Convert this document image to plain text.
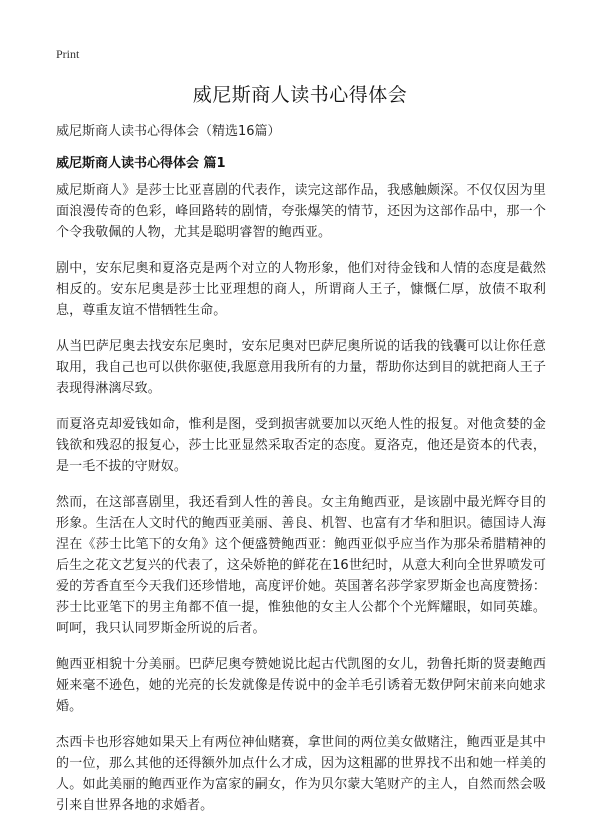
Print
威尼斯商人读书心得体会
威尼斯商人读书心得体会（精选16篇）
威尼斯商人读书心得体会 篇1

威尼斯商人》是莎士比亚喜剧的代表作，读完这部作品，我感触颇深。不仅仅因为里面浪漫传奇的色彩，峰回路转的剧情，夸张爆笑的情节，还因为这部作品中，那一个个令我敬佩的人物，尤其是聪明睿智的鲍西亚。

剧中，安东尼奥和夏洛克是两个对立的人物形象，他们对待金钱和人情的态度是截然相反的。安东尼奥是莎士比亚理想的商人，所谓商人王子，慷慨仁厚，放债不取利息，尊重友谊不惜牺牲生命。

从当巴萨尼奥去找安东尼奥时，安东尼奥对巴萨尼奥所说的话我的钱囊可以让你任意取用，我自己也可以供你驱使,我愿意用我所有的力量，帮助你达到目的就把商人王子表现得淋漓尽致。

而夏洛克却爱钱如命，惟利是图，受到损害就要加以灭绝人性的报复。对他贪婪的金钱欲和残忍的报复心，莎士比亚显然采取否定的态度。夏洛克，他还是资本的代表，是一毛不拔的守财奴。

然而，在这部喜剧里，我还看到人性的善良。女主角鲍西亚，是该剧中最光辉夺目的形象。生活在人文时代的鲍西亚美丽、善良、机智、也富有才华和胆识。德国诗人海涅在《莎士比笔下的女角》这个便盛赞鲍西亚：鲍西亚似乎应当作为那朵希腊精神的后生之花文艺复兴的代表了，这朵娇艳的鲜花在16世纪时，从意大利向全世界喷发可爱的芳香直至今天我们还珍惜地，高度评价她。英国著名莎学家罗斯金也高度赞扬：莎士比亚笔下的男主角都不值一提，惟独他的女主人公都个个光辉耀眼，如同英雄。呵呵，我只认同罗斯金所说的后者。

鲍西亚相貌十分美丽。巴萨尼奥夸赞她说比起古代凯图的女儿，勃鲁托斯的贤妻鲍西娅来毫不逊色，她的光亮的长发就像是传说中的金羊毛引诱着无数伊阿宋前来向她求婚。

杰西卡也形容她如果天上有两位神仙赌赛，拿世间的两位美女做赌注，鲍西亚是其中的一位，那么其他的还得额外加点什么才成，因为这粗鄙的世界找不出和她一样美的人。如此美丽的鲍西亚作为富家的嗣女，作为贝尔蒙大笔财产的主人，自然而然会吸引来自世界各地的求婚者。
